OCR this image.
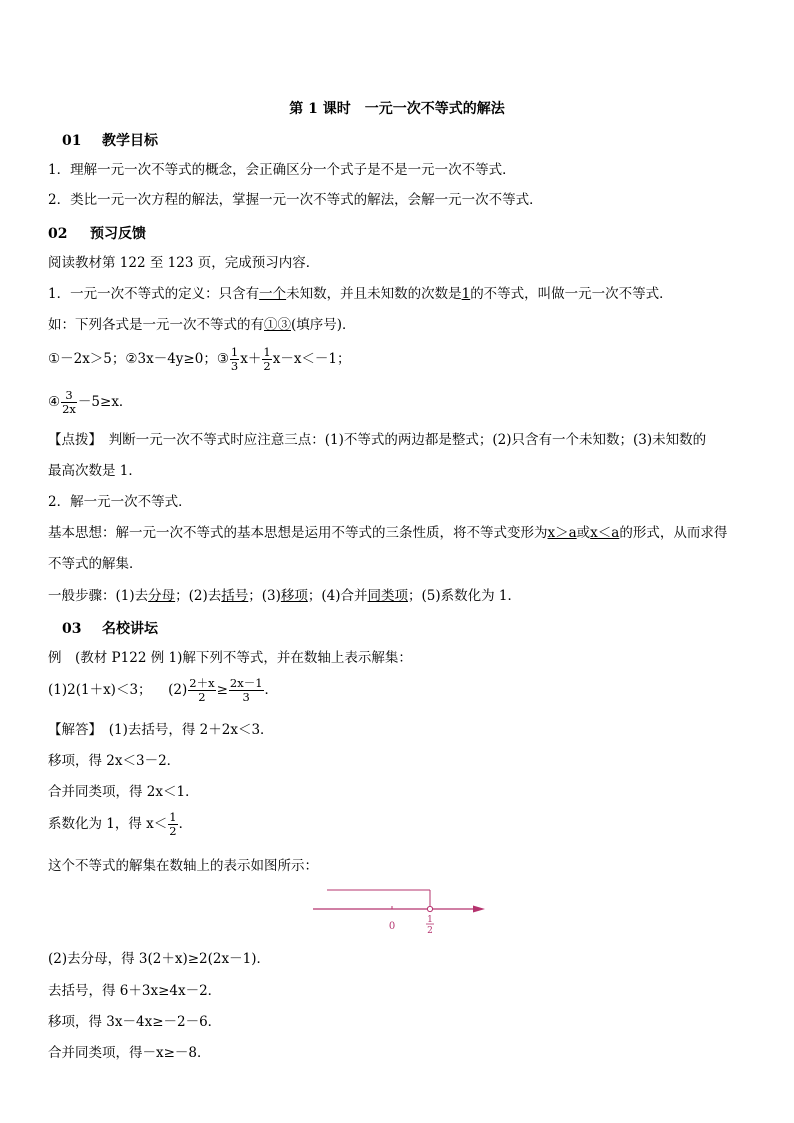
第 1 课时　一元一次不等式的解法
01 教学目标
1．理解一元一次不等式的概念，会正确区分一个式子是不是一元一次不等式．
2．类比一元一次方程的解法，掌握一元一次不等式的解法，会解一元一次不等式．
02 预习反馈
阅读教材第 122 至 123 页，完成预习内容．
1．一元一次不等式的定义：只含有一个未知数，并且未知数的次数是1的不等式，叫做一元一次不等式．
如：下列各式是一元一次不等式的有①③(填序号)．
①－2x＞5；②3x－4y≥0；③ $\frac{1}{3} x+ \frac{1}{2} x-x<-1$；
④ $\frac{3}{2x} -5\ge x$．
【点拨】　判断一元一次不等式时应注意三点：(1)不等式的两边都是整式；(2)只含有一个未知数；(3)未知数的
最高次数是 1．
2．解一元一次不等式．
基本思想：解一元一次不等式的基本思想是运用不等式的三条性质，将不等式变形为x＞a或x＜a的形式，从而求得
不等式的解集．
一般步骤：(1)去分母；(2)去括号；(3)移项；(4)合并同类项；(5)系数化为 1．
03 名校讲坛
例　(教材 P122 例 1)解下列不等式，并在数轴上表示解集：
(1)2(1＋x)＜3； $(2) \frac{2+x}{2} \ge \frac{2x-1}{3}$ ．
【解答】　(1)去括号，得 2＋2x＜3．
移项，得 2x＜3－2．
合并同类项，得 2x＜1．
系数化为 1，得 $x< \frac{1}{2}$ ．
这个不等式的解集在数轴上的表示如图所示：
0
1
2
(2)去分母，得 3(2＋x)≥2(2x－1)．
去括号，得 6＋3x≥4x－2．
移项，得 3x－4x≥－2－6．
合并同类项，得－x≥－8．
